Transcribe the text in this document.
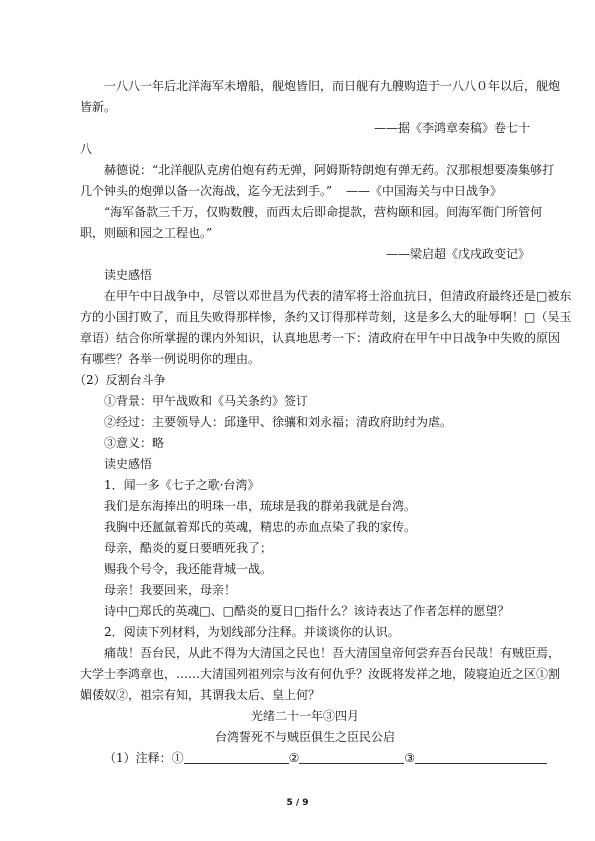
一八八一年后北洋海军未增船，舰炮皆旧，而日舰有九艘购造于一八八０年以后，舰炮
皆新。
——据《李鸿章奏稿》卷七十
八
赫德说：“北洋舰队克虏伯炮有药无弹，阿姆斯特朗炮有弹无药。汉那根想要凑集够打
几个钟头的炮弹以备一次海战，迄今无法到手。” ——《中国海关与中日战争》
“海军备款三千万，仅购数艘，而西太后即命提款，营构颐和园。间海军衙门所管何
职，则颐和园之工程也。”
——梁启超《戊戌政变记》
读史感悟
在甲午中日战争中，尽管以邓世昌为代表的清军将士浴血抗日，但清政府最终还是□被东
方的小国打败了，而且失败得那样惨，条约又订得那样苛刻，这是多么大的耻辱啊！□（吴玉
章语）结合你所掌握的课内外知识，认真地思考一下：清政府在甲午中日战争中失败的原因
有哪些？各举一例说明你的理由。
（2）反割台斗争
①背景：甲午战败和《马关条约》签订
②经过：主要领导人：邱逢甲、徐骧和刘永福；清政府助纣为虐。
③意义：略
读史感悟
1．闻一多《七子之歌·台湾》
我们是东海捧出的明珠一串，琉球是我的群弟我就是台湾。
我胸中还氲氤着郑氏的英魂，精忠的赤血点染了我的家传。
母亲，酷炎的夏日要晒死我了；
赐我个号令，我还能背城一战。
母亲！我要回来，母亲！
诗中□郑氏的英魂□、□酷炎的夏日□指什么？该诗表达了作者怎样的愿望？
2．阅读下列材料，为划线部分注释。并谈谈你的认识。
痛哉！吾台民，从此不得为大清国之民也！吾大清国皇帝何尝弃吾台民哉！有贼臣焉，
大学士李鸿章也，……大清国列祖列宗与汝有何仇乎？汝既将发祥之地，陵寝迫近之区①割
媚倭奴②，祖宗有知，其谓我太后、皇上何？
光绪二十一年③四月
台湾誓死不与贼臣俱生之臣民公启
（1）注释：①	②	③
5 / 9
